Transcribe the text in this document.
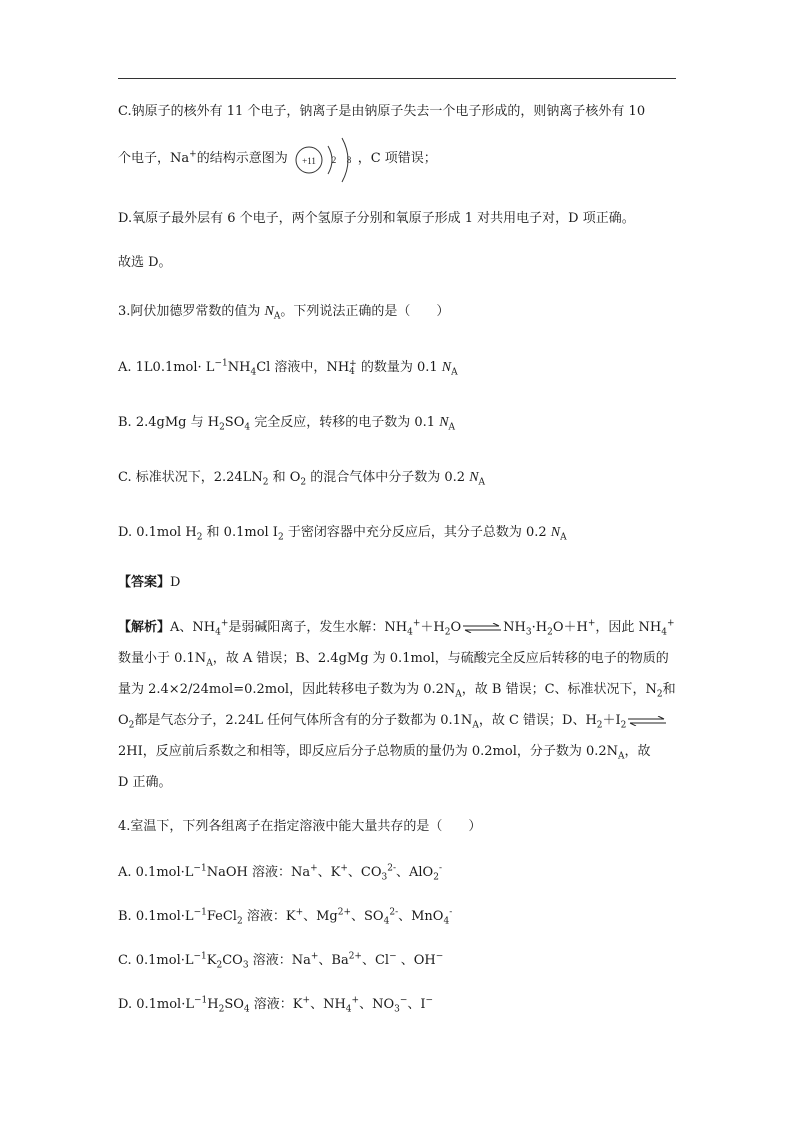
C.钠原子的核外有 11 个电子，钠离子是由钠原子失去一个电子形成的，则钠离子核外有 10
个电子，Na+的结构示意图为	，C 项错误；
+11 2 8
D.氧原子最外层有 6 个电子，两个氢原子分别和氧原子形成 1 对共用电子对，D 项正确。
故选 D。
3.阿伏加德罗常数的值为 $N_A$。下列说法正确的是（　　）
A. $1L0.1mol\cdot L^{-1}NH_4Cl$ 溶液中，NH +
4 的数量为 0.1 $N_A$
B. 2.4gMg 与 $H_2SO_4$ 完全反应，转移的电子数为 0.1 $N_A$
C. 标准状况下，$2.24LN_2$ 和 $O_2$ 的混合气体中分子数为 0.2 $N_A$
D. 0.1mol $H_2$ 和 0.1mol $I_2$ 于密闭容器中充分反应后，其分子总数为 0.2 $N_A$
【答案】D
【解析】A、$NH_4^+$是弱碱阳离子，发生水解：$NH_4^++H_2O$ ⇌ $NH_3\cdot H_2O+H^+$，因此 $NH_4^+$
数量小于 $0.1N_A$，故 A 错误；B、2.4gMg 为 0.1mol，与硫酸完全反应后转移的电子的物质的
量为 2.4×2/24mol=0.2mol，因此转移电子数为为 $0.2N_A$，故 B 错误；C、标准状况下，$N_2$和
$O_2$都是气态分子，2.24L 任何气体所含有的分子数都为 $0.1N_A$，故 C 错误；D、$H_2+I_2$
2HI，反应前后系数之和相等，即反应后分子总物质的量仍为 0.2mol，分子数为 $0.2N_A$，故
D 正确。
4.室温下，下列各组离子在指定溶液中能大量共存的是（　　）
A. $0.1mol\cdot L^{-1}NaOH$ 溶液：Na+、K+、$CO_3^{2-}$、AlO$_2$-
B. $0.1mol\cdot L^{-1}FeCl_2$ 溶液：K+、$Mg^{2+}$、$SO_4^{2-}$、MnO$_4$-
C. $0.1mol\cdot L^{-1}K_2CO_3$ 溶液：Na+、$Ba^{2+}$、Cl− 、OH−
D. $0.1mol\cdot L^{-1}H_2SO_4$ 溶液：K+、$NH_4^+$、$NO_3^-$、I−
